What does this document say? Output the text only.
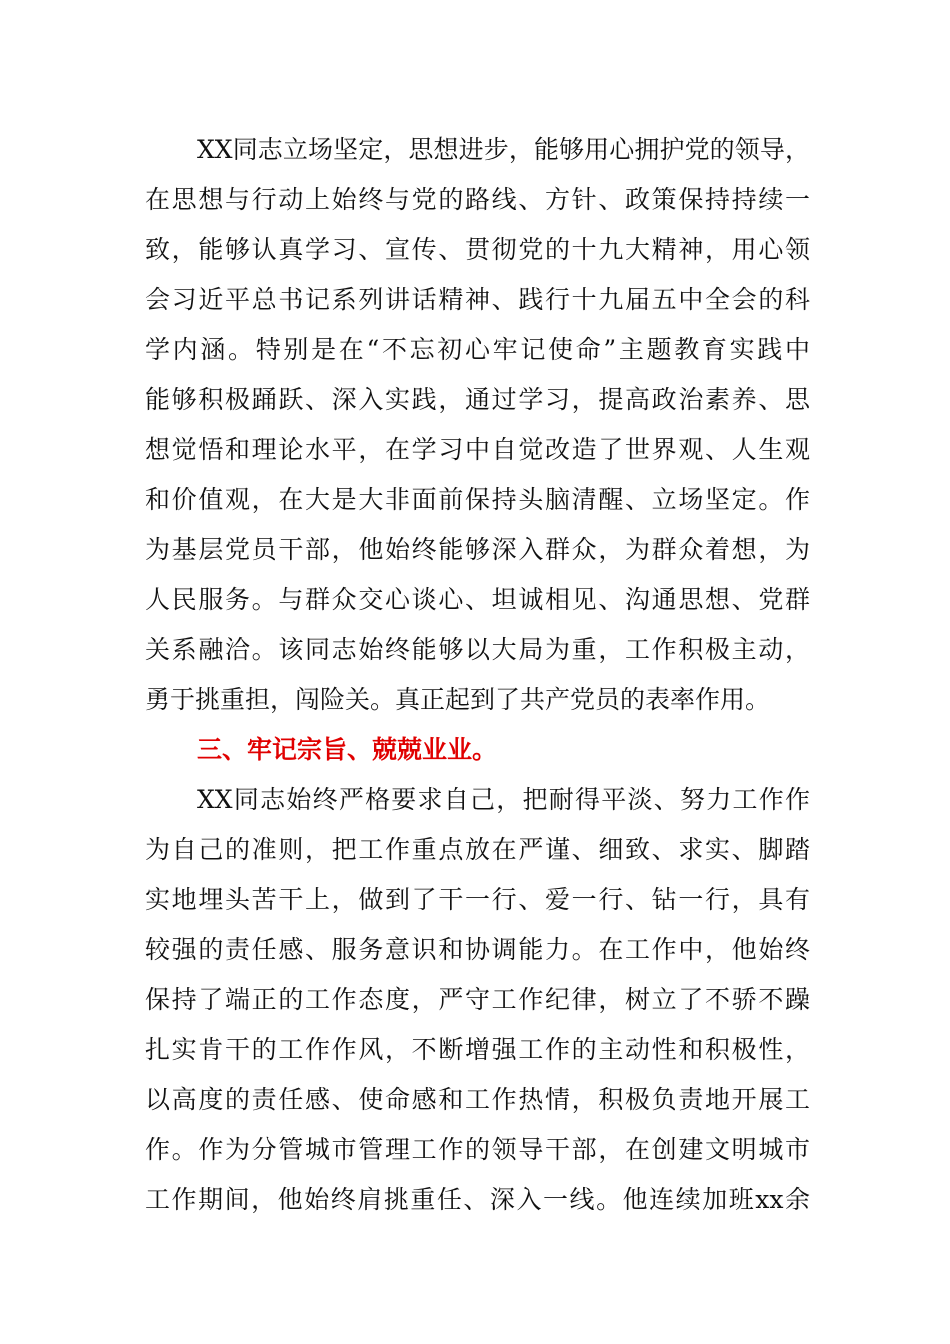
XX同志立场坚定，思想进步，能够用心拥护党的领导，
在思想与行动上始终与党的路线、方针、政策保持持续一
致，能够认真学习、宣传、贯彻党的十九大精神，用心领
会习近平总书记系列讲话精神、践行十九届五中全会的科
学内涵。特别是在“不忘初心牢记使命”主题教育实践中
能够积极踊跃、深入实践，通过学习，提高政治素养、思
想觉悟和理论水平，在学习中自觉改造了世界观、人生观
和价值观，在大是大非面前保持头脑清醒、立场坚定。作
为基层党员干部，他始终能够深入群众，为群众着想，为
人民服务。与群众交心谈心、坦诚相见、沟通思想、党群
关系融洽。该同志始终能够以大局为重，工作积极主动，
勇于挑重担，闯险关。真正起到了共产党员的表率作用。
三、牢记宗旨、兢兢业业。
XX同志始终严格要求自己，把耐得平淡、努力工作作
为自己的准则，把工作重点放在严谨、细致、求实、脚踏
实地埋头苦干上，做到了干一行、爱一行、钻一行，具有
较强的责任感、服务意识和协调能力。在工作中，他始终
保持了端正的工作态度，严守工作纪律，树立了不骄不躁
扎实肯干的工作作风，不断增强工作的主动性和积极性，
以高度的责任感、使命感和工作热情，积极负责地开展工
作。作为分管城市管理工作的领导干部，在创建文明城市
工作期间，他始终肩挑重任、深入一线。他连续加班xx余
